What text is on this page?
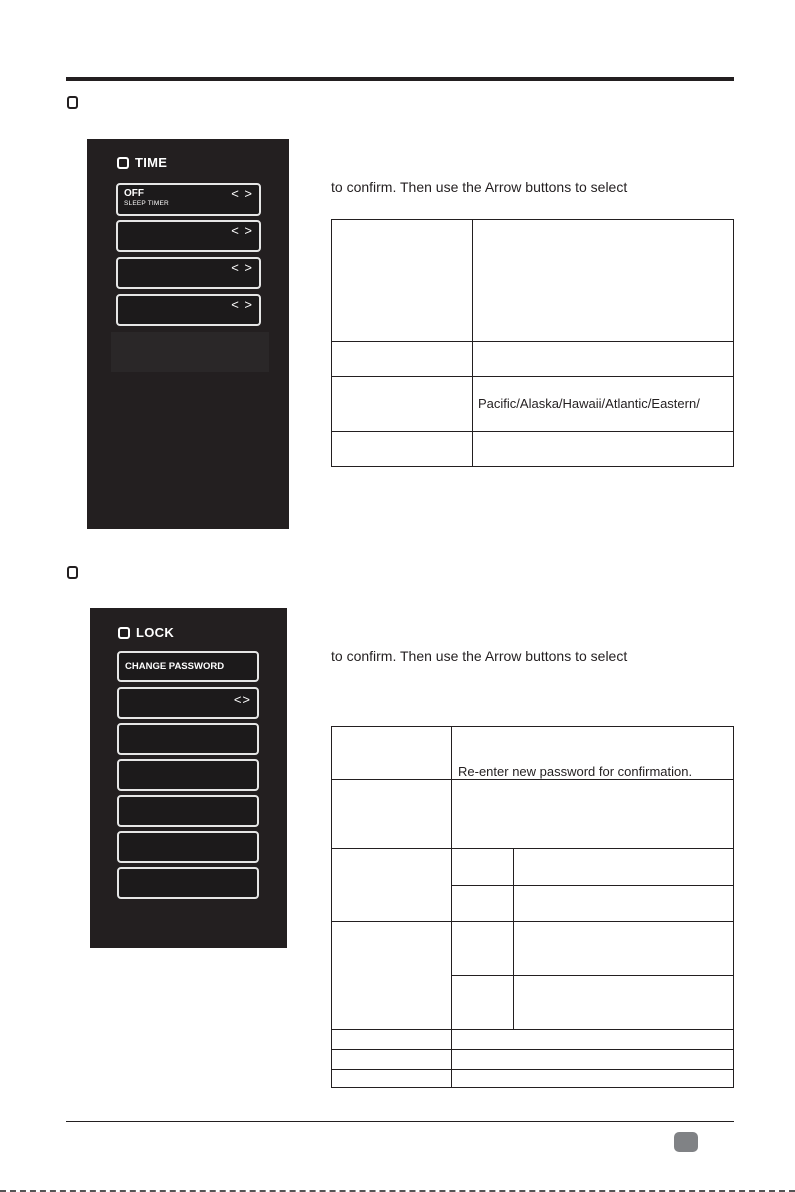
TIME
OFF
SLEEP TIMER
< >
< >
< >
< >
to confirm. Then use the Arrow buttons to select
Pacific/Alaska/Hawaii/Atlantic/Eastern/
LOCK
CHANGE PASSWORD
<>
to confirm. Then use the Arrow buttons to select
Re-enter new password for confirmation.
